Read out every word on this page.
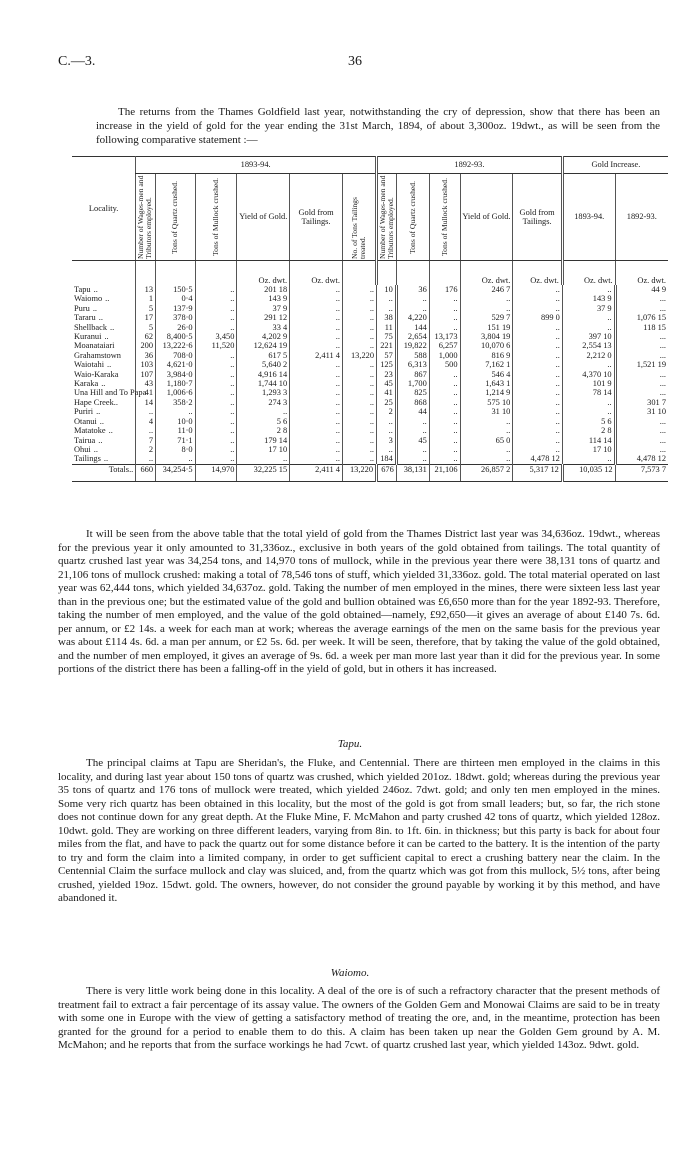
C.—3.	36
The returns from the Thames Goldfield last year, notwithstanding the cry of depression, show that there has been an increase in the yield of gold for the year ending the 31st March, 1894, of about 3,300oz. 19dwt., as will be seen from the following comparative statement :—
Locality.	1893-94.						1892-93.					Gold Increase.	

	Number of Wages-men and Tributors employed.	Tons of Quartz crushed.	Tons of Mullock crushed.	Yield of Gold.	Gold from Tailings.	No. of Tons Tailings treated.	Number of Wages-men and Tributors employed.	Tons of Quartz crushed.	Tons of Mullock crushed.	Yield of Gold.	Gold from Tailings.	1893-94.	1892-93.
				Oz. dwt.	Oz. dwt.					Oz. dwt.	Oz. dwt.	Oz. dwt.	Oz. dwt.
Tapu ..	13	150·5	..	201 18	..	..	10	36	176	246 7	..	..	44 9
Waiomo ..	1	0·4	..	143 9	..	..	..	..	..	..	..	143 9	...
Puru ..	5	137·9	..	37 9	..	..	..	..	..	..	..	37 9	...
Tararu ..	17	378·0	..	291 12	..	..	38	4,220	..	529 7	899 0	..	1,076 15
Shellback ..	5	26·0	..	33 4	..	..	11	144	..	151 19	..	..	118 15
Kuranui ..	62	8,400·5	3,450	4,202 9	..	..	75	2,654	13,173	3,804 19	..	397 10	...
Moanataiari	200	13,222·6	11,520	12,624 19	..	..	221	19,822	6,257	10,070 6	..	2,554 13	...
Grahamstown	36	708·0	..	617 5	2,411 4	13,220	57	588	1,000	816 9	..	2,212 0	...
Waiotahi ..	103	4,621·0	..	5,640 2	..	..	125	6,313	500	7,162 1	..	..	1,521 19
Waio-Karaka	107	3,984·0	..	4,916 14	..	..	23	867	..	546 4	..	4,370 10	...
Karaka ..	43	1,180·7	..	1,744 10	..	..	45	1,700	..	1,643 1	..	101 9	...
Una Hill and To Papa	41	1,006·6	..	1,293 3	..	..	41	825	..	1,214 9	..	78 14	...
Hape Creek..	14	358·2	..	274 3	..	..	25	868	..	575 10	..	..	301 7
Puriri ..	..	..	..	..	..	..	2	44	..	31 10	..	..	31 10
Otanui ..	4	10·0	..	5 6	..	..	..	..	..	..	..	5 6	...
Matatoke ..	..	11·0	..	2 8	..	..	..	..	..	..	..	2 8	...
Tairua ..	7	71·1	..	179 14	..	..	3	45	..	65 0	..	114 14	...
Ohui ..	2	8·0	..	17 10	..	..	..	..	..	..	..	17 10	...
Tailings ..	..	..	..	..	..	..	184	..	..	..	4,478 12	..	4,478 12
Totals..	660	34,254·5	14,970	32,225 15	2,411 4	13,220	676	38,131	21,106	26,857 2	5,317 12	10,035 12	7,573 7

It will be seen from the above table that the total yield of gold from the Thames District last year was 34,636oz. 19dwt., whereas for the previous year it only amounted to 31,336oz., exclusive in both years of the gold obtained from tailings. The total quantity of quartz crushed last year was 34,254 tons, and 14,970 tons of mullock, while in the previous year there were 38,131 tons of quartz and 21,106 tons of mullock crushed: making a total of 78,546 tons of stuff, which yielded 31,336oz. gold. The total material operated on last year was 62,444 tons, which yielded 34,637oz. gold. Taking the number of men employed in the mines, there were sixteen less last year than in the previous one; but the estimated value of the gold and bullion obtained was £6,650 more than for the year 1892-93. Therefore, taking the number of men employed, and the value of the gold obtained—namely, £92,650—it gives an average of about £140 7s. 6d. per annum, or £2 14s. a week for each man at work; whereas the average earnings of the men on the same basis for the previous year was about £114 4s. 6d. a man per annum, or £2 5s. 6d. per week. It will be seen, therefore, that by taking the value of the gold obtained, and the number of men employed, it gives an average of 9s. 6d. a week per man more last year than it did for the previous year. In some portions of the district there has been a falling-off in the yield of gold, but in others it has increased.

Tapu.

The principal claims at Tapu are Sheridan's, the Fluke, and Centennial. There are thirteen men employed in the claims in this locality, and during last year about 150 tons of quartz was crushed, which yielded 201oz. 18dwt. gold; whereas during the previous year 35 tons of quartz and 176 tons of mullock were treated, which yielded 246oz. 7dwt. gold; and only ten men employed in the mines. Some very rich quartz has been obtained in this locality, but the most of the gold is got from small leaders; but, so far, the rich stone does not continue down for any great depth. At the Fluke Mine, F. McMahon and party crushed 42 tons of quartz, which yielded 128oz. 10dwt. gold. They are working on three different leaders, varying from 8in. to 1ft. 6in. in thickness; but this party is back for about four miles from the flat, and have to pack the quartz out for some distance before it can be carted to the battery. It is the intention of the party to try and form the claim into a limited company, in order to get sufficient capital to erect a crushing battery near the claim. In the Centennial Claim the surface mullock and clay was sluiced, and, from the quartz which was got from this mullock, 5½ tons, after being crushed, yielded 19oz. 15dwt. gold. The owners, however, do not consider the ground payable by working it by this method, and have abandoned it.

Waiomo.

There is very little work being done in this locality. A deal of the ore is of such a refractory character that the present methods of treatment fail to extract a fair percentage of its assay value. The owners of the Golden Gem and Monowai Claims are said to be in treaty with some one in Europe with the view of getting a satisfactory method of treating the ore, and, in the meantime, protection has been granted for the ground for a period to enable them to do this. A claim has been taken up near the Golden Gem ground by A. M. McMahon; and he reports that from the surface workings he had 7cwt. of quartz crushed last year, which yielded 143oz. 9dwt. gold.
